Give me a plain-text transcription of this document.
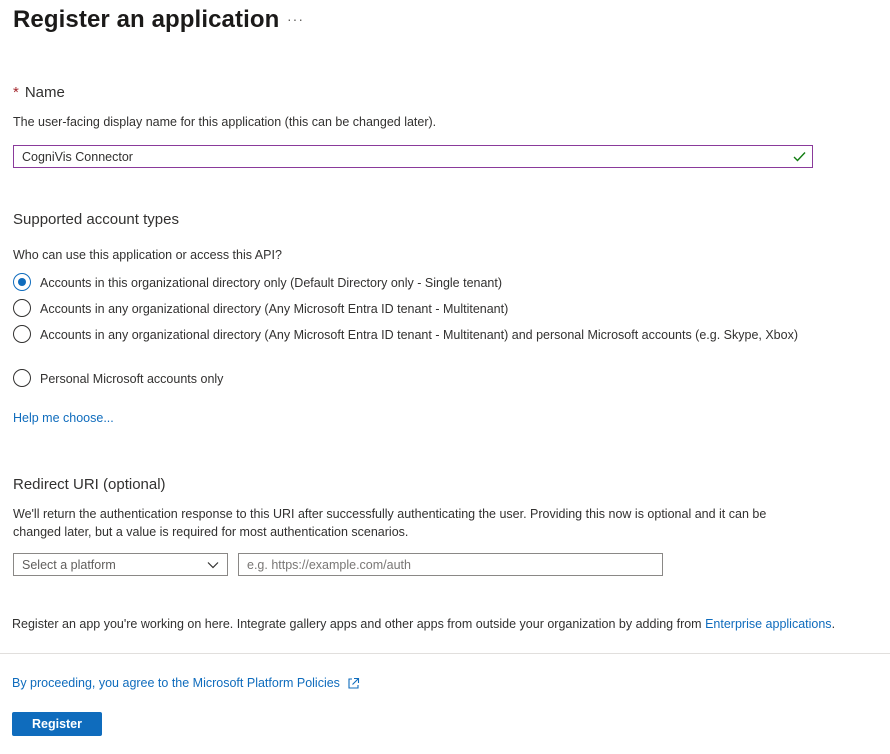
Register an application ···
* Name
The user-facing display name for this application (this can be changed later).
CogniVis Connector
Supported account types
Who can use this application or access this API?
Accounts in this organizational directory only (Default Directory only - Single tenant)
Accounts in any organizational directory (Any Microsoft Entra ID tenant - Multitenant)
Accounts in any organizational directory (Any Microsoft Entra ID tenant - Multitenant) and personal Microsoft accounts (e.g. Skype, Xbox)
Personal Microsoft accounts only
Help me choose...
Redirect URI (optional)
We'll return the authentication response to this URI after successfully authenticating the user. Providing this now is optional and it can be changed later, but a value is required for most authentication scenarios.
Select a platform
e.g. https://example.com/auth
Register an app you're working on here. Integrate gallery apps and other apps from outside your organization by adding from Enterprise applications.
By proceeding, you agree to the Microsoft Platform Policies
Register
